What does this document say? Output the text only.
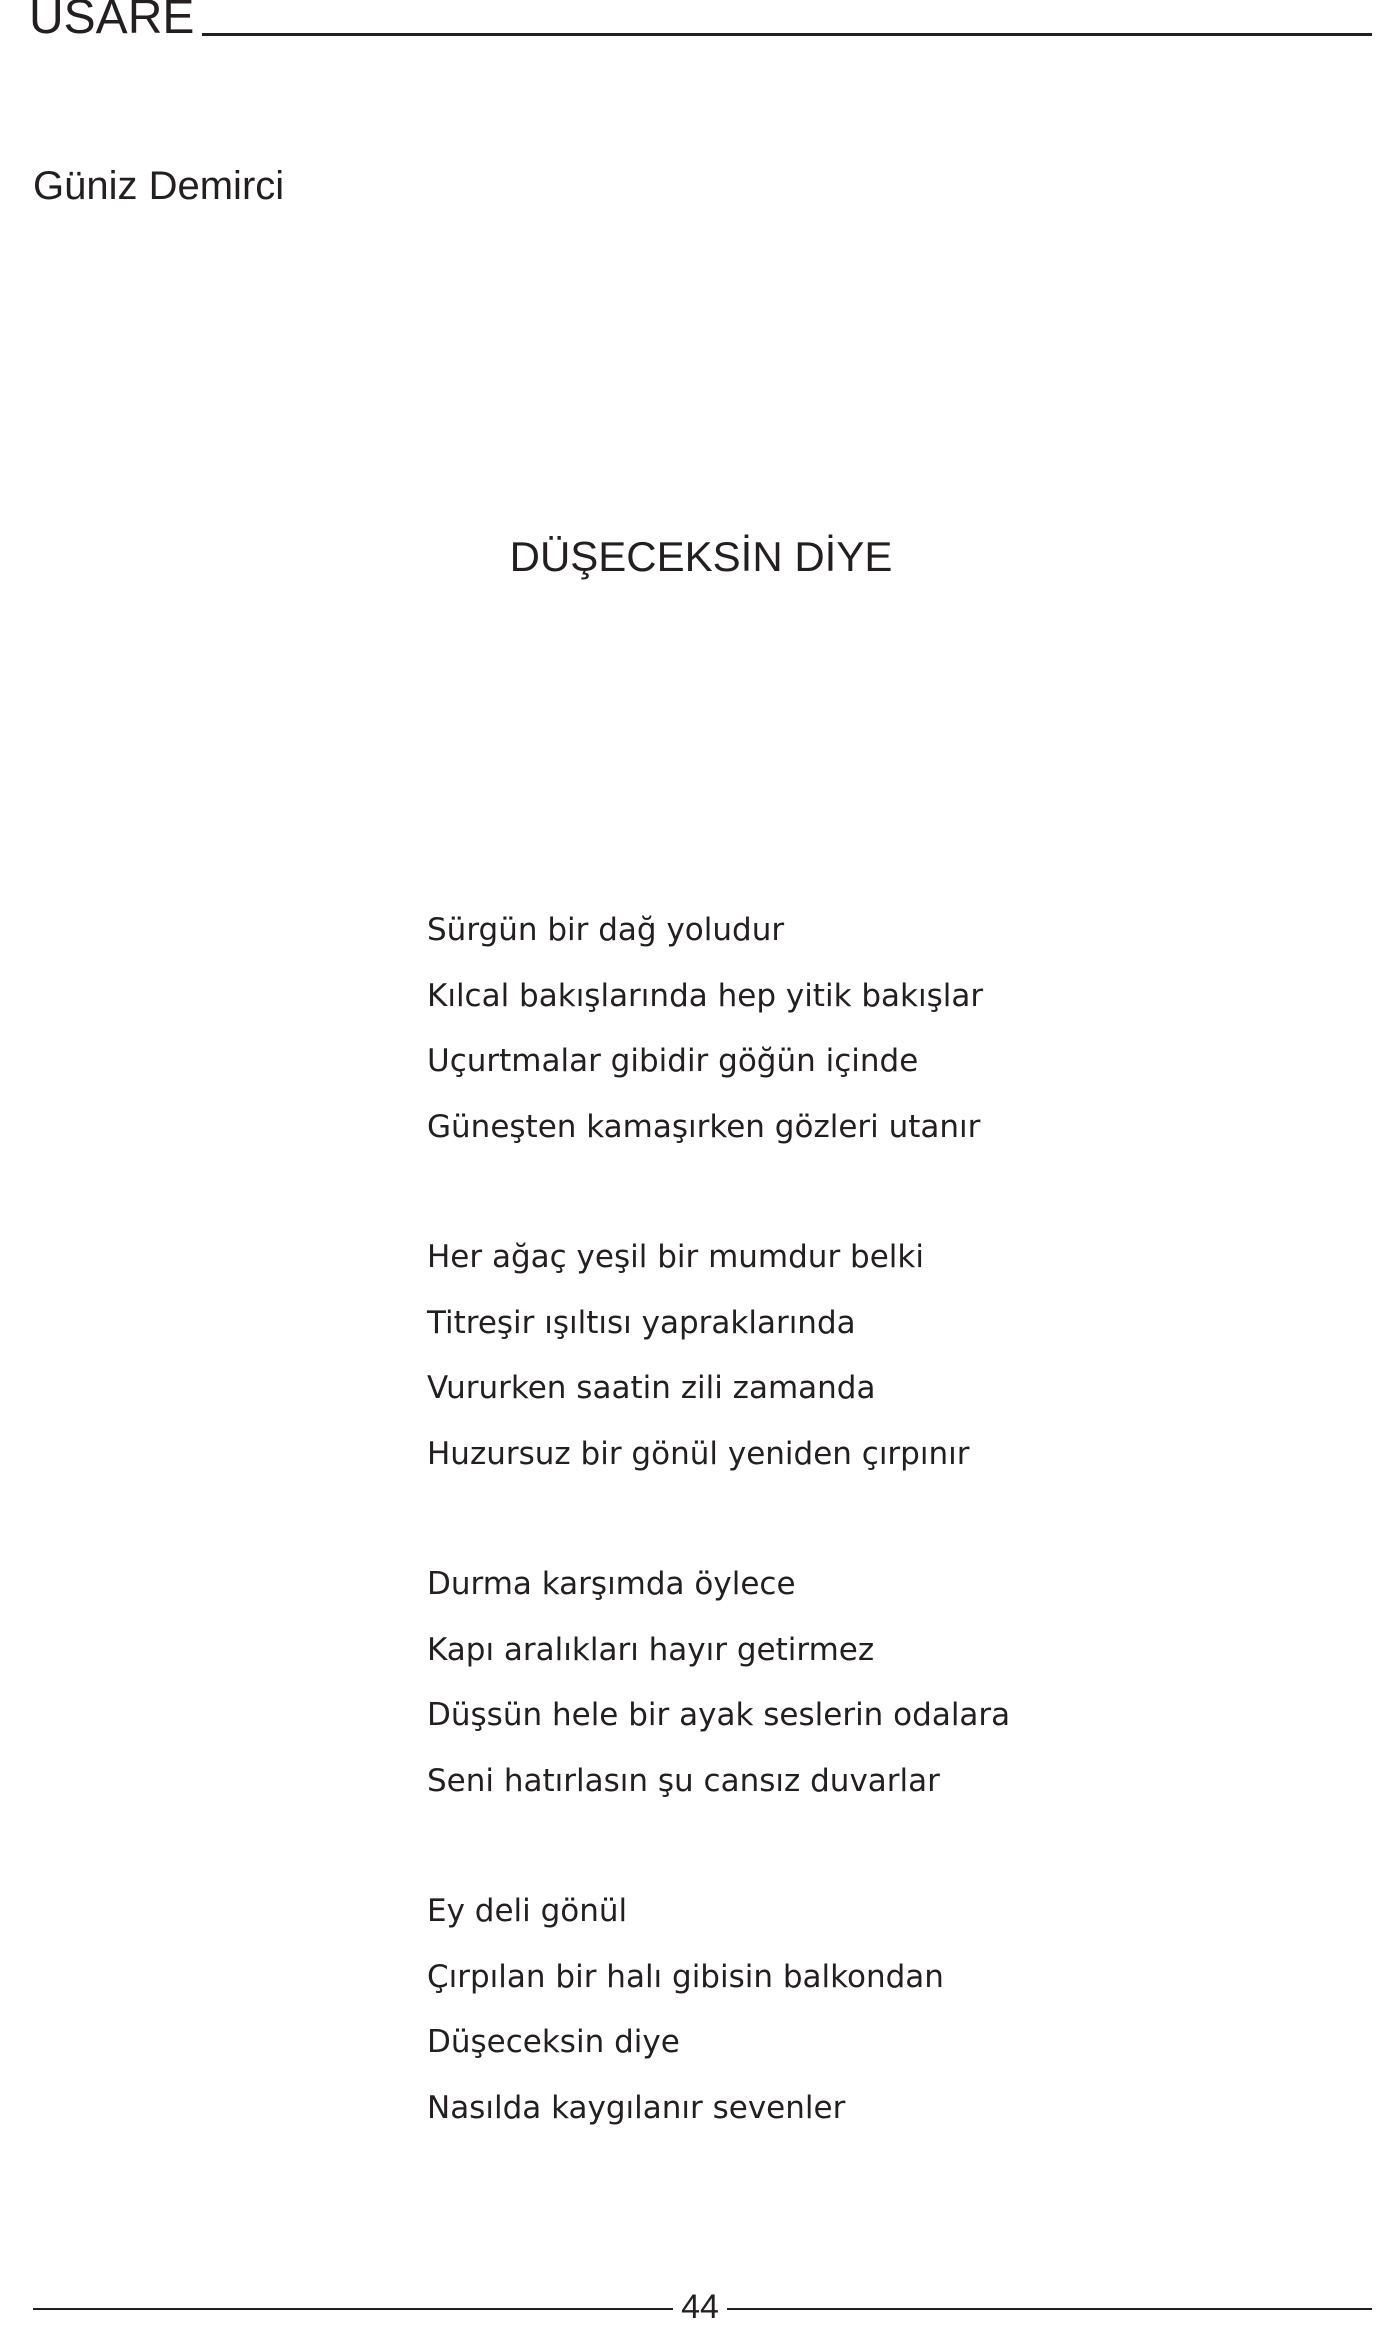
USARE
Güniz Demirci
DÜŞECEKSİN DİYE
Sürgün bir dağ yoludur
Kılcal bakışlarında hep yitik bakışlar
Uçurtmalar gibidir göğün içinde
Güneşten kamaşırken gözleri utanır
Her ağaç yeşil bir mumdur belki
Titreşir ışıltısı yapraklarında
Vururken saatin zili zamanda
Huzursuz bir gönül yeniden çırpınır
Durma karşımda öylece
Kapı aralıkları hayır getirmez
Düşsün hele bir ayak seslerin odalara
Seni hatırlasın şu cansız duvarlar
Ey deli gönül
Çırpılan bir halı gibisin balkondan
Düşeceksin diye
Nasılda kaygılanır sevenler
44
